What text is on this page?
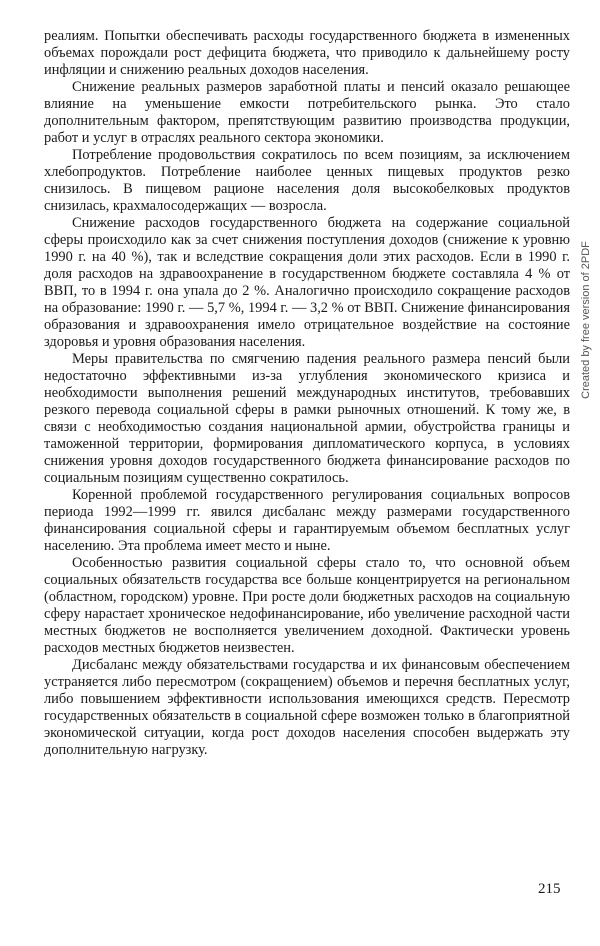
реалиям. Попытки обеспечивать расходы государственного бюджета в измененных объемах порождали рост дефицита бюджета, что приводило к дальнейшему росту инфляции и снижению реальных доходов населения.

Снижение реальных размеров заработной платы и пенсий оказало решающее влияние на уменьшение емкости потребительского рынка. Это стало дополнительным фактором, препятствующим развитию производства продукции, работ и услуг в отраслях реального сектора экономики.

Потребление продовольствия сократилось по всем позициям, за исключением хлебопродуктов. Потребление наиболее ценных пищевых продуктов резко снизилось. В пищевом рационе населения доля высокобелковых продуктов снизилась, крахмалосодержащих — возросла.

Снижение расходов государственного бюджета на содержание социальной сферы происходило как за счет снижения поступления доходов (снижение к уровню 1990 г. на 40 %), так и вследствие сокращения доли этих расходов. Если в 1990 г. доля расходов на здравоохранение в государственном бюджете составляла 4 % от ВВП, то в 1994 г. она упала до 2 %. Аналогично происходило сокращение расходов на образование: 1990 г. — 5,7 %, 1994 г. — 3,2 % от ВВП. Снижение финансирования образования и здравоохранения имело отрицательное воздействие на состояние здоровья и уровня образования населения.

Меры правительства по смягчению падения реального размера пенсий были недостаточно эффективными из-за углубления экономического кризиса и необходимости выполнения решений международных институтов, требовавших резкого перевода социальной сферы в рамки рыночных отношений. К тому же, в связи с необходимостью создания национальной армии, обустройства границы и таможенной территории, формирования дипломатического корпуса, в условиях снижения уровня доходов государственного бюджета финансирование расходов по социальным позициям существенно сократилось.

Коренной проблемой государственного регулирования социальных вопросов периода 1992—1999 гг. явился дисбаланс между размерами государственного финансирования социальной сферы и гарантируемым объемом бесплатных услуг населению. Эта проблема имеет место и ныне.

Особенностью развития социальной сферы стало то, что основной объем социальных обязательств государства все больше концентрируется на региональном (областном, городском) уровне. При росте доли бюджетных расходов на социальную сферу нарастает хроническое недофинансирование, ибо увеличение расходной части местных бюджетов не восполняется увеличением доходной. Фактически уровень расходов местных бюджетов неизвестен.

Дисбаланс между обязательствами государства и их финансовым обеспечением устраняется либо пересмотром (сокращением) объемов и перечня бесплатных услуг, либо повышением эффективности использования имеющихся средств. Пересмотр государственных обязательств в социальной сфере возможен только в благоприятной экономической ситуации, когда рост доходов населения способен выдержать эту дополнительную нагрузку.

215
Created by free version of 2PDF
